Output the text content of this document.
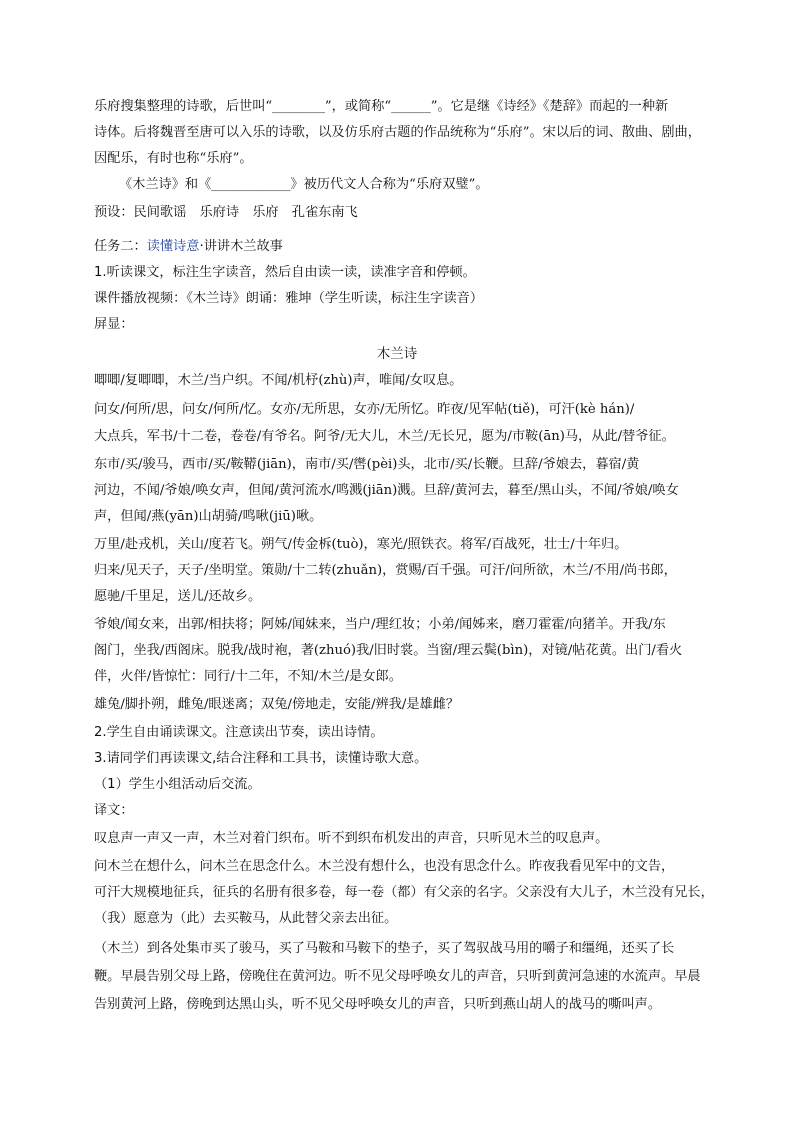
乐府搜集整理的诗歌，后世叫“________”，或简称“______”。它是继《诗经》《楚辞》而起的一种新
诗体。后将魏晋至唐可以入乐的诗歌，以及仿乐府古题的作品统称为“乐府”。宋以后的词、散曲、剧曲，
因配乐，有时也称“乐府”。
《木兰诗》和《____________》被历代文人合称为“乐府双璧”。
预设：民间歌谣　乐府诗　乐府　孔雀东南飞
任务二：读懂诗意·讲讲木兰故事
1.听读课文，标注生字读音，然后自由读一读，读准字音和停顿。
课件播放视频：《木兰诗》朗诵：雅坤（学生听读，标注生字读音）
屏显：
木兰诗
唧唧/复唧唧，木兰/当户织。不闻/机杼(zhù)声，唯闻/女叹息。
问女/何所/思，问女/何所/忆。女亦/无所思，女亦/无所忆。昨夜/见军帖(tiě)，可汗(kè hán)/
大点兵，军书/十二卷，卷卷/有爷名。阿爷/无大儿，木兰/无长兄，愿为/市鞍(ān)马，从此/替爷征。
东市/买/骏马，西市/买/鞍鞯(jiān)，南市/买/辔(pèi)头，北市/买/长鞭。旦辞/爷娘去，暮宿/黄
河边，不闻/爷娘/唤女声，但闻/黄河流水/鸣溅(jiān)溅。旦辞/黄河去，暮至/黑山头，不闻/爷娘/唤女
声，但闻/燕(yān)山胡骑/鸣啾(jiū)啾。
万里/赴戎机，关山/度若飞。朔气/传金柝(tuò)，寒光/照铁衣。将军/百战死，壮士/十年归。
归来/见天子，天子/坐明堂。策勋/十二转(zhuǎn)，赏赐/百千强。可汗/问所欲，木兰/不用/尚书郎，
愿驰/千里足，送儿/还故乡。
爷娘/闻女来，出郭/相扶将；阿姊/闻妹来，当户/理红妆；小弟/闻姊来，磨刀霍霍/向猪羊。开我/东
阁门，坐我/西阁床。脱我/战时袍，著(zhuó)我/旧时裳。当窗/理云鬓(bìn)，对镜/帖花黄。出门/看火
伴，火伴/皆惊忙：同行/十二年，不知/木兰/是女郎。
雄兔/脚扑朔，雌兔/眼迷离；双兔/傍地走，安能/辨我/是雄雌？
2.学生自由诵读课文。注意读出节奏，读出诗情。
3.请同学们再读课文,结合注释和工具书，读懂诗歌大意。
（1）学生小组活动后交流。
译文：
叹息声一声又一声，木兰对着门织布。听不到织布机发出的声音，只听见木兰的叹息声。
问木兰在想什么，问木兰在思念什么。木兰没有想什么，也没有思念什么。昨夜我看见军中的文告，
可汗大规模地征兵，征兵的名册有很多卷，每一卷（都）有父亲的名字。父亲没有大儿子，木兰没有兄长，
（我）愿意为（此）去买鞍马，从此替父亲去出征。
（木兰）到各处集市买了骏马，买了马鞍和马鞍下的垫子，买了驾驭战马用的嚼子和缰绳，还买了长
鞭。早晨告别父母上路，傍晚住在黄河边。听不见父母呼唤女儿的声音，只听到黄河急速的水流声。早晨
告别黄河上路，傍晚到达黑山头，听不见父母呼唤女儿的声音，只听到燕山胡人的战马的嘶叫声。
